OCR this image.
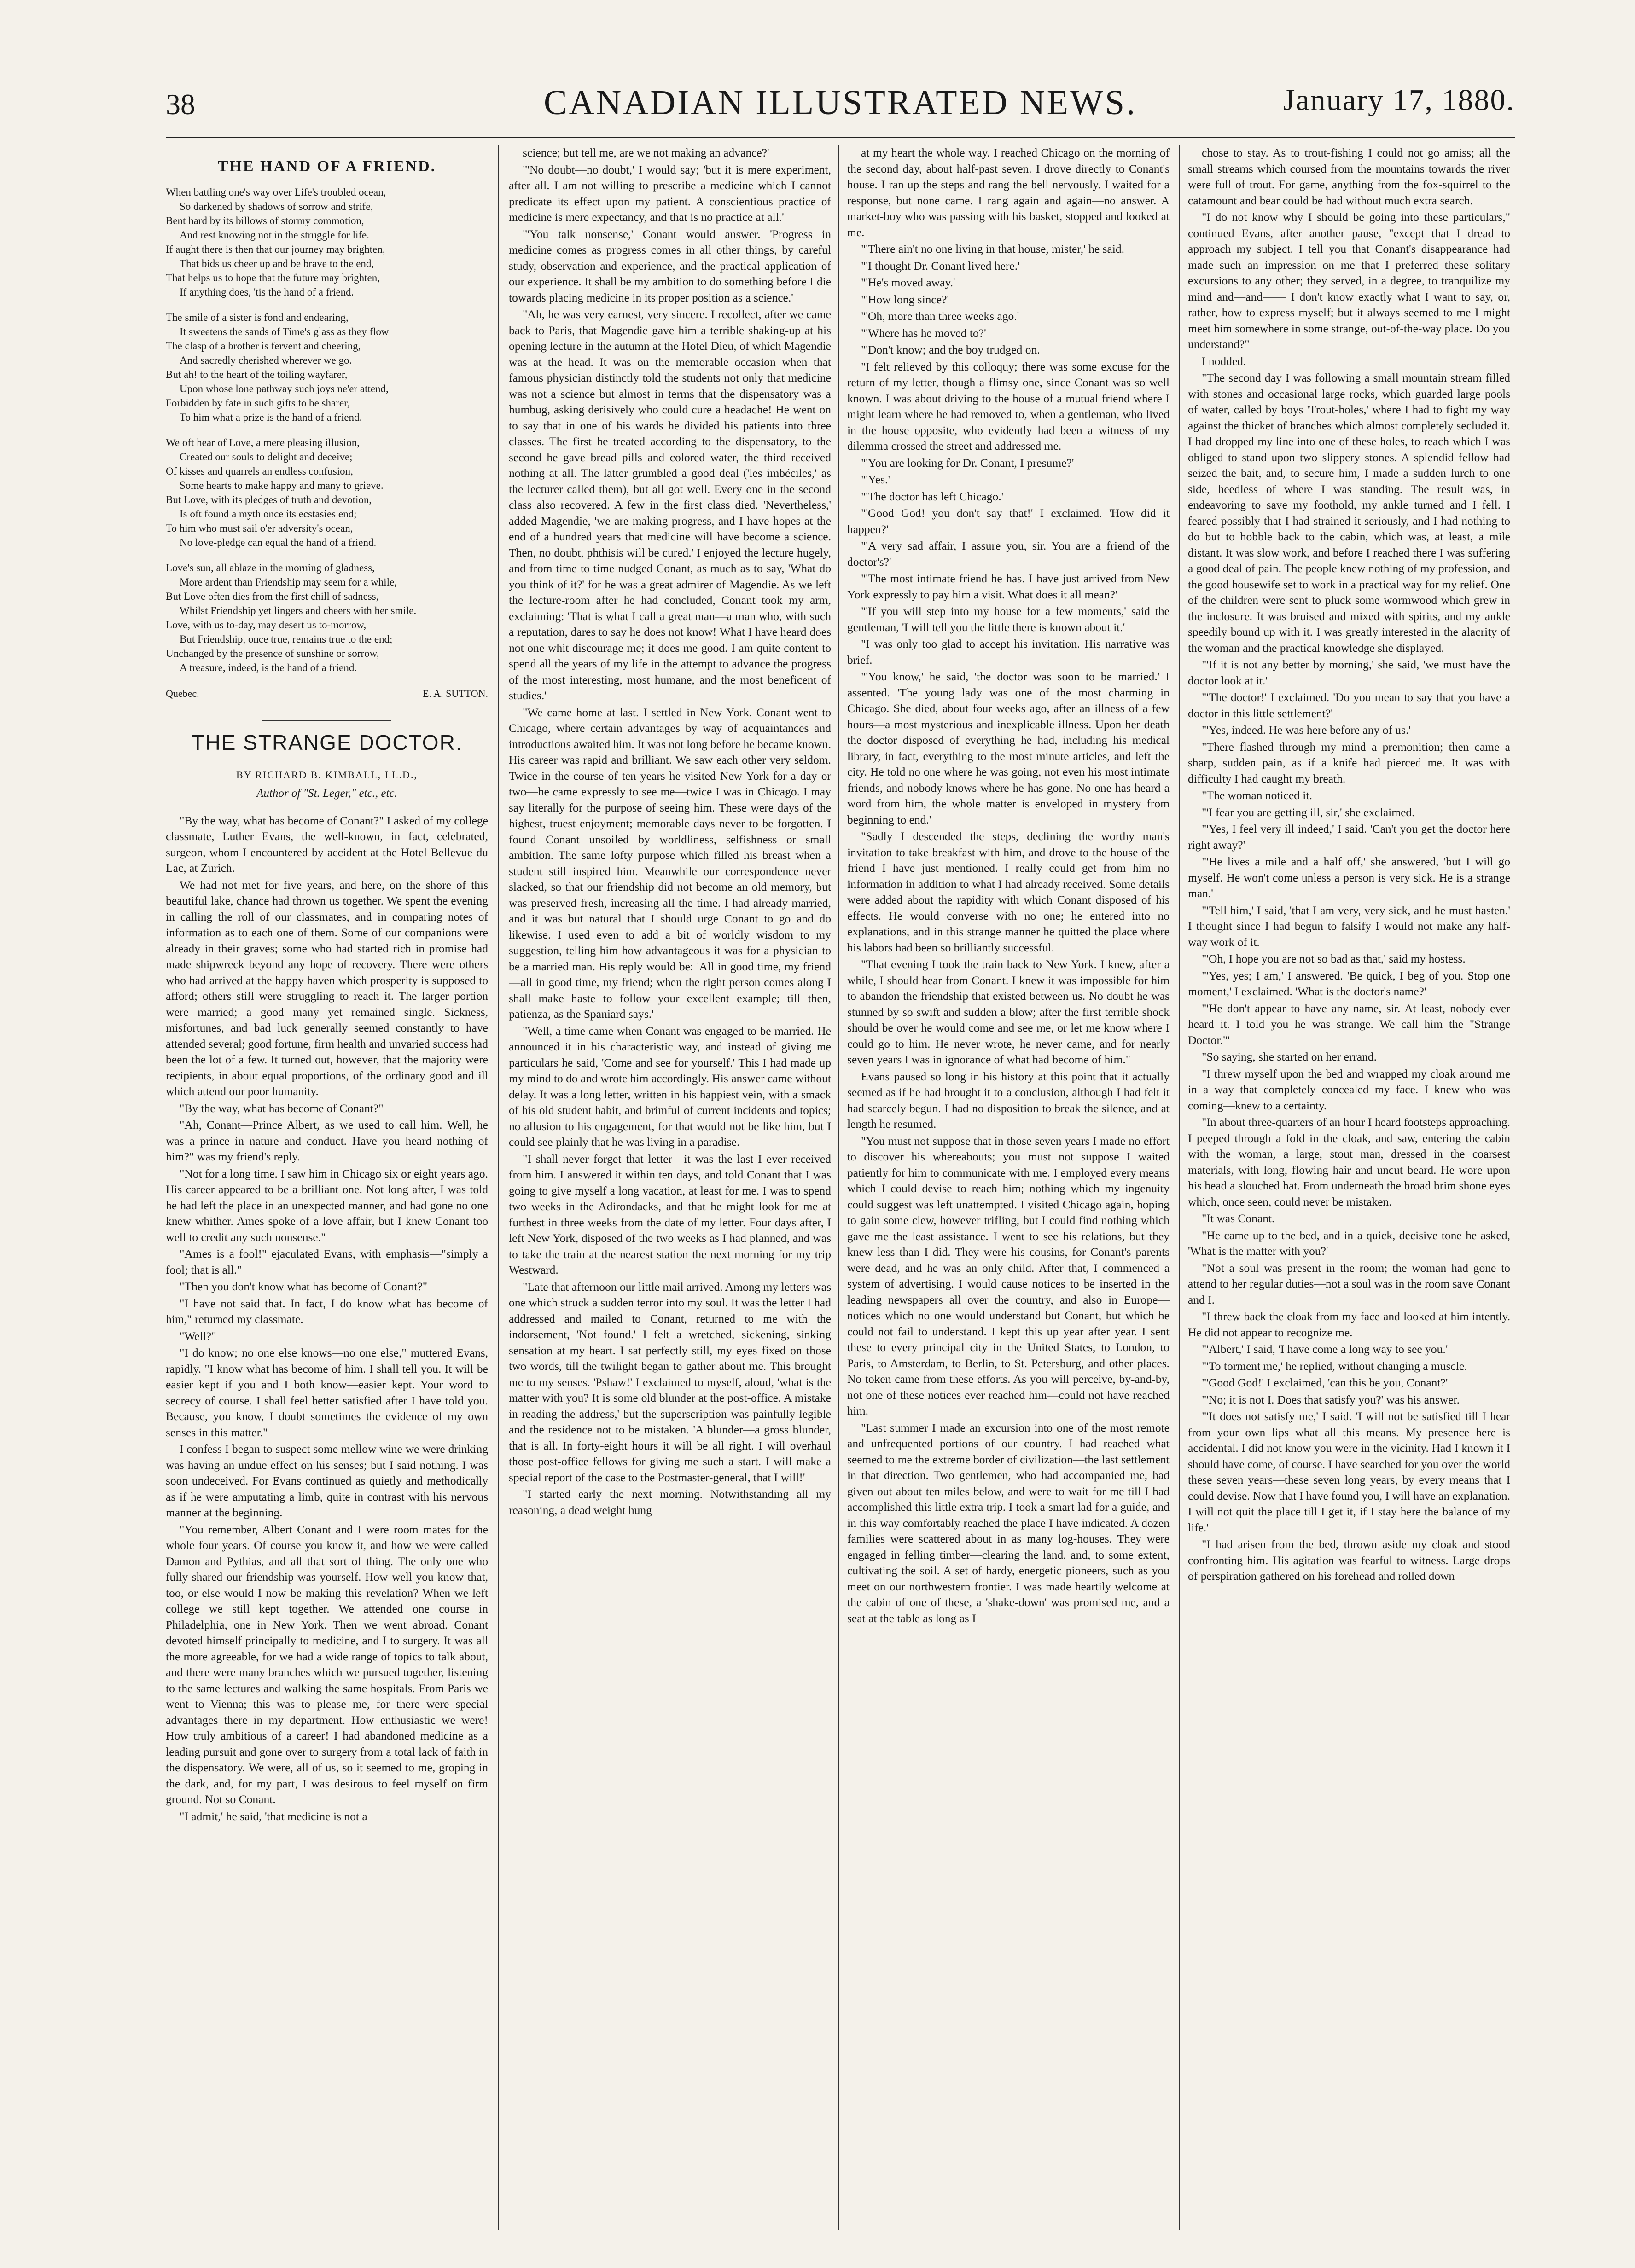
38	CANADIAN ILLUSTRATED NEWS.	January 17, 1880.
THE HAND OF A FRIEND.
When battling one's way over Life's troubled ocean,
So darkened by shadows of sorrow and strife,
Bent hard by its billows of stormy commotion,
And rest knowing not in the struggle for life.
If aught there is then that our journey may brighten,
That bids us cheer up and be brave to the end,
That helps us to hope that the future may brighten,
If anything does, 'tis the hand of a friend.
The smile of a sister is fond and endearing,
It sweetens the sands of Time's glass as they flow
The clasp of a brother is fervent and cheering,
And sacredly cherished wherever we go.
But ah! to the heart of the toiling wayfarer,
Upon whose lone pathway such joys ne'er attend,
Forbidden by fate in such gifts to be sharer,
To him what a prize is the hand of a friend.
We oft hear of Love, a mere pleasing illusion,
Created our souls to delight and deceive;
Of kisses and quarrels an endless confusion,
Some hearts to make happy and many to grieve.
But Love, with its pledges of truth and devotion,
Is oft found a myth once its ecstasies end;
To him who must sail o'er adversity's ocean,
No love-pledge can equal the hand of a friend.
Love's sun, all ablaze in the morning of gladness,
More ardent than Friendship may seem for a while,
But Love often dies from the first chill of sadness,
Whilst Friendship yet lingers and cheers with her smile.
Love, with us to-day, may desert us to-morrow,
But Friendship, once true, remains true to the end;
Unchanged by the presence of sunshine or sorrow,
A treasure, indeed, is the hand of a friend.
Quebec.	E. A. SUTTON.
THE STRANGE DOCTOR.
BY RICHARD B. KIMBALL, LL.D.,
Author of "St. Leger," etc., etc.

"By the way, what has become of Conant?" I asked of my college classmate, Luther Evans, the well-known, in fact, celebrated, surgeon, whom I encountered by accident at the Hotel Bellevue du Lac, at Zurich.

We had not met for five years, and here, on the shore of this beautiful lake, chance had thrown us together. We spent the evening in calling the roll of our classmates, and in comparing notes of information as to each one of them. Some of our companions were already in their graves; some who had started rich in promise had made shipwreck beyond any hope of recovery. There were others who had arrived at the happy haven which prosperity is supposed to afford; others still were struggling to reach it. The larger portion were married; a good many yet remained single. Sickness, misfortunes, and bad luck generally seemed constantly to have attended several; good fortune, firm health and unvaried success had been the lot of a few. It turned out, however, that the majority were recipients, in about equal proportions, of the ordinary good and ill which attend our poor humanity.

"By the way, what has become of Conant?"

"Ah, Conant—Prince Albert, as we used to call him. Well, he was a prince in nature and conduct. Have you heard nothing of him?" was my friend's reply.

"Not for a long time. I saw him in Chicago six or eight years ago. His career appeared to be a brilliant one. Not long after, I was told he had left the place in an unexpected manner, and had gone no one knew whither. Ames spoke of a love affair, but I knew Conant too well to credit any such nonsense."

"Ames is a fool!" ejaculated Evans, with emphasis—"simply a fool; that is all."

"Then you don't know what has become of Conant?"

"I have not said that. In fact, I do know what has become of him," returned my classmate.

"Well?"

"I do know; no one else knows—no one else," muttered Evans, rapidly. "I know what has become of him. I shall tell you. It will be easier kept if you and I both know—easier kept. Your word to secrecy of course. I shall feel better satisfied after I have told you. Because, you know, I doubt sometimes the evidence of my own senses in this matter."

I confess I began to suspect some mellow wine we were drinking was having an undue effect on his senses; but I said nothing. I was soon undeceived. For Evans continued as quietly and methodically as if he were amputating a limb, quite in contrast with his nervous manner at the beginning.

"You remember, Albert Conant and I were room mates for the whole four years. Of course you know it, and how we were called Damon and Pythias, and all that sort of thing. The only one who fully shared our friendship was yourself. How well you know that, too, or else would I now be making this revelation? When we left college we still kept together. We attended one course in Philadelphia, one in New York. Then we went abroad. Conant devoted himself principally to medicine, and I to surgery. It was all the more agreeable, for we had a wide range of topics to talk about, and there were many branches which we pursued together, listening to the same lectures and walking the same hospitals. From Paris we went to Vienna; this was to please me, for there were special advantages there in my department. How enthusiastic we were! How truly ambitious of a career! I had abandoned medicine as a leading pursuit and gone over to surgery from a total lack of faith in the dispensatory. We were, all of us, so it seemed to me, groping in the dark, and, for my part, I was desirous to feel myself on firm ground. Not so Conant.

"I admit,' he said, 'that medicine is not a

science; but tell me, are we not making an advance?'

"'No doubt—no doubt,' I would say; 'but it is mere experiment, after all. I am not willing to prescribe a medicine which I cannot predicate its effect upon my patient. A conscientious practice of medicine is mere expectancy, and that is no practice at all.'

"'You talk nonsense,' Conant would answer. 'Progress in medicine comes as progress comes in all other things, by careful study, observation and experience, and the practical application of our experience. It shall be my ambition to do something before I die towards placing medicine in its proper position as a science.'

"Ah, he was very earnest, very sincere. I recollect, after we came back to Paris, that Magendie gave him a terrible shaking-up at his opening lecture in the autumn at the Hotel Dieu, of which Magendie was at the head. It was on the memorable occasion when that famous physician distinctly told the students not only that medicine was not a science but almost in terms that the dispensatory was a humbug, asking derisively who could cure a headache! He went on to say that in one of his wards he divided his patients into three classes. The first he treated according to the dispensatory, to the second he gave bread pills and colored water, the third received nothing at all. The latter grumbled a good deal ('les imbéciles,' as the lecturer called them), but all got well. Every one in the second class also recovered. A few in the first class died. 'Nevertheless,' added Magendie, 'we are making progress, and I have hopes at the end of a hundred years that medicine will have become a science. Then, no doubt, phthisis will be cured.' I enjoyed the lecture hugely, and from time to time nudged Conant, as much as to say, 'What do you think of it?' for he was a great admirer of Magendie. As we left the lecture-room after he had concluded, Conant took my arm, exclaiming: 'That is what I call a great man—a man who, with such a reputation, dares to say he does not know! What I have heard does not one whit discourage me; it does me good. I am quite content to spend all the years of my life in the attempt to advance the progress of the most interesting, most humane, and the most beneficent of studies.'

"We came home at last. I settled in New York. Conant went to Chicago, where certain advantages by way of acquaintances and introductions awaited him. It was not long before he became known. His career was rapid and brilliant. We saw each other very seldom. Twice in the course of ten years he visited New York for a day or two—he came expressly to see me—twice I was in Chicago. I may say literally for the purpose of seeing him. These were days of the highest, truest enjoyment; memorable days never to be forgotten. I found Conant unsoiled by worldliness, selfishness or small ambition. The same lofty purpose which filled his breast when a student still inspired him. Meanwhile our correspondence never slacked, so that our friendship did not become an old memory, but was preserved fresh, increasing all the time. I had already married, and it was but natural that I should urge Conant to go and do likewise. I used even to add a bit of worldly wisdom to my suggestion, telling him how advantageous it was for a physician to be a married man. His reply would be: 'All in good time, my friend—all in good time, my friend; when the right person comes along I shall make haste to follow your excellent example; till then, patienza, as the Spaniard says.'

"Well, a time came when Conant was engaged to be married. He announced it in his characteristic way, and instead of giving me particulars he said, 'Come and see for yourself.' This I had made up my mind to do and wrote him accordingly. His answer came without delay. It was a long letter, written in his happiest vein, with a smack of his old student habit, and brimful of current incidents and topics; no allusion to his engagement, for that would not be like him, but I could see plainly that he was living in a paradise.

"I shall never forget that letter—it was the last I ever received from him. I answered it within ten days, and told Conant that I was going to give myself a long vacation, at least for me. I was to spend two weeks in the Adirondacks, and that he might look for me at furthest in three weeks from the date of my letter. Four days after, I left New York, disposed of the two weeks as I had planned, and was to take the train at the nearest station the next morning for my trip Westward.

"Late that afternoon our little mail arrived. Among my letters was one which struck a sudden terror into my soul. It was the letter I had addressed and mailed to Conant, returned to me with the indorsement, 'Not found.' I felt a wretched, sickening, sinking sensation at my heart. I sat perfectly still, my eyes fixed on those two words, till the twilight began to gather about me. This brought me to my senses. 'Pshaw!' I exclaimed to myself, aloud, 'what is the matter with you? It is some old blunder at the post-office. A mistake in reading the address,' but the superscription was painfully legible and the residence not to be mistaken. 'A blunder—a gross blunder, that is all. In forty-eight hours it will be all right. I will overhaul those post-office fellows for giving me such a start. I will make a special report of the case to the Postmaster-general, that I will!'

"I started early the next morning. Notwithstanding all my reasoning, a dead weight hung

at my heart the whole way. I reached Chicago on the morning of the second day, about half-past seven. I drove directly to Conant's house. I ran up the steps and rang the bell nervously. I waited for a response, but none came. I rang again and again—no answer. A market-boy who was passing with his basket, stopped and looked at me.

"'There ain't no one living in that house, mister,' he said.

"'I thought Dr. Conant lived here.'

"'He's moved away.'

"'How long since?'

"'Oh, more than three weeks ago.'

"'Where has he moved to?'

"'Don't know; and the boy trudged on.

"I felt relieved by this colloquy; there was some excuse for the return of my letter, though a flimsy one, since Conant was so well known. I was about driving to the house of a mutual friend where I might learn where he had removed to, when a gentleman, who lived in the house opposite, who evidently had been a witness of my dilemma crossed the street and addressed me.

"'You are looking for Dr. Conant, I presume?'

"'Yes.'

"'The doctor has left Chicago.'

"'Good God! you don't say that!' I exclaimed. 'How did it happen?'

"'A very sad affair, I assure you, sir. You are a friend of the doctor's?'

"'The most intimate friend he has. I have just arrived from New York expressly to pay him a visit. What does it all mean?'

"'If you will step into my house for a few moments,' said the gentleman, 'I will tell you the little there is known about it.'

"I was only too glad to accept his invitation. His narrative was brief.

"'You know,' he said, 'the doctor was soon to be married.' I assented. 'The young lady was one of the most charming in Chicago. She died, about four weeks ago, after an illness of a few hours—a most mysterious and inexplicable illness. Upon her death the doctor disposed of everything he had, including his medical library, in fact, everything to the most minute articles, and left the city. He told no one where he was going, not even his most intimate friends, and nobody knows where he has gone. No one has heard a word from him, the whole matter is enveloped in mystery from beginning to end.'

"Sadly I descended the steps, declining the worthy man's invitation to take breakfast with him, and drove to the house of the friend I have just mentioned. I really could get from him no information in addition to what I had already received. Some details were added about the rapidity with which Conant disposed of his effects. He would converse with no one; he entered into no explanations, and in this strange manner he quitted the place where his labors had been so brilliantly successful.

"That evening I took the train back to New York. I knew, after a while, I should hear from Conant. I knew it was impossible for him to abandon the friendship that existed between us. No doubt he was stunned by so swift and sudden a blow; after the first terrible shock should be over he would come and see me, or let me know where I could go to him. He never wrote, he never came, and for nearly seven years I was in ignorance of what had become of him."

Evans paused so long in his history at this point that it actually seemed as if he had brought it to a conclusion, although I had felt it had scarcely begun. I had no disposition to break the silence, and at length he resumed.

"You must not suppose that in those seven years I made no effort to discover his whereabouts; you must not suppose I waited patiently for him to communicate with me. I employed every means which I could devise to reach him; nothing which my ingenuity could suggest was left unattempted. I visited Chicago again, hoping to gain some clew, however trifling, but I could find nothing which gave me the least assistance. I went to see his relations, but they knew less than I did. They were his cousins, for Conant's parents were dead, and he was an only child. After that, I commenced a system of advertising. I would cause notices to be inserted in the leading newspapers all over the country, and also in Europe—notices which no one would understand but Conant, but which he could not fail to understand. I kept this up year after year. I sent these to every principal city in the United States, to London, to Paris, to Amsterdam, to Berlin, to St. Petersburg, and other places. No token came from these efforts. As you will perceive, by-and-by, not one of these notices ever reached him—could not have reached him.

"Last summer I made an excursion into one of the most remote and unfrequented portions of our country. I had reached what seemed to me the extreme border of civilization—the last settlement in that direction. Two gentlemen, who had accompanied me, had given out about ten miles below, and were to wait for me till I had accomplished this little extra trip. I took a smart lad for a guide, and in this way comfortably reached the place I have indicated. A dozen families were scattered about in as many log-houses. They were engaged in felling timber—clearing the land, and, to some extent, cultivating the soil. A set of hardy, energetic pioneers, such as you meet on our northwestern frontier. I was made heartily welcome at the cabin of one of these, a 'shake-down' was promised me, and a seat at the table as long as I

chose to stay. As to trout-fishing I could not go amiss; all the small streams which coursed from the mountains towards the river were full of trout. For game, anything from the fox-squirrel to the catamount and bear could be had without much extra search.

"I do not know why I should be going into these particulars," continued Evans, after another pause, "except that I dread to approach my subject. I tell you that Conant's disappearance had made such an impression on me that I preferred these solitary excursions to any other; they served, in a degree, to tranquilize my mind and—and—— I don't know exactly what I want to say, or, rather, how to express myself; but it always seemed to me I might meet him somewhere in some strange, out-of-the-way place. Do you understand?"

I nodded.

"The second day I was following a small mountain stream filled with stones and occasional large rocks, which guarded large pools of water, called by boys 'Trout-holes,' where I had to fight my way against the thicket of branches which almost completely secluded it. I had dropped my line into one of these holes, to reach which I was obliged to stand upon two slippery stones. A splendid fellow had seized the bait, and, to secure him, I made a sudden lurch to one side, heedless of where I was standing. The result was, in endeavoring to save my foothold, my ankle turned and I fell. I feared possibly that I had strained it seriously, and I had nothing to do but to hobble back to the cabin, which was, at least, a mile distant. It was slow work, and before I reached there I was suffering a good deal of pain. The people knew nothing of my profession, and the good housewife set to work in a practical way for my relief. One of the children were sent to pluck some wormwood which grew in the inclosure. It was bruised and mixed with spirits, and my ankle speedily bound up with it. I was greatly interested in the alacrity of the woman and the practical knowledge she displayed.

"'If it is not any better by morning,' she said, 'we must have the doctor look at it.'

"'The doctor!' I exclaimed. 'Do you mean to say that you have a doctor in this little settlement?'

"'Yes, indeed. He was here before any of us.'

"There flashed through my mind a premonition; then came a sharp, sudden pain, as if a knife had pierced me. It was with difficulty I had caught my breath.

"The woman noticed it.

"'I fear you are getting ill, sir,' she exclaimed.

"'Yes, I feel very ill indeed,' I said. 'Can't you get the doctor here right away?'

"'He lives a mile and a half off,' she answered, 'but I will go myself. He won't come unless a person is very sick. He is a strange man.'

"'Tell him,' I said, 'that I am very, very sick, and he must hasten.' I thought since I had begun to falsify I would not make any half-way work of it.

"'Oh, I hope you are not so bad as that,' said my hostess.

"'Yes, yes; I am,' I answered. 'Be quick, I beg of you. Stop one moment,' I exclaimed. 'What is the doctor's name?'

"'He don't appear to have any name, sir. At least, nobody ever heard it. I told you he was strange. We call him the "Strange Doctor."'

"So saying, she started on her errand.

"I threw myself upon the bed and wrapped my cloak around me in a way that completely concealed my face. I knew who was coming—knew to a certainty.

"In about three-quarters of an hour I heard footsteps approaching. I peeped through a fold in the cloak, and saw, entering the cabin with the woman, a large, stout man, dressed in the coarsest materials, with long, flowing hair and uncut beard. He wore upon his head a slouched hat. From underneath the broad brim shone eyes which, once seen, could never be mistaken.

"It was Conant.

"He came up to the bed, and in a quick, decisive tone he asked, 'What is the matter with you?'

"Not a soul was present in the room; the woman had gone to attend to her regular duties—not a soul was in the room save Conant and I.

"I threw back the cloak from my face and looked at him intently. He did not appear to recognize me.

"'Albert,' I said, 'I have come a long way to see you.'

"'To torment me,' he replied, without changing a muscle.

"'Good God!' I exclaimed, 'can this be you, Conant?'

"'No; it is not I. Does that satisfy you?' was his answer.

"'It does not satisfy me,' I said. 'I will not be satisfied till I hear from your own lips what all this means. My presence here is accidental. I did not know you were in the vicinity. Had I known it I should have come, of course. I have searched for you over the world these seven years—these seven long years, by every means that I could devise. Now that I have found you, I will have an explanation. I will not quit the place till I get it, if I stay here the balance of my life.'

"I had arisen from the bed, thrown aside my cloak and stood confronting him. His agitation was fearful to witness. Large drops of perspiration gathered on his forehead and rolled down
